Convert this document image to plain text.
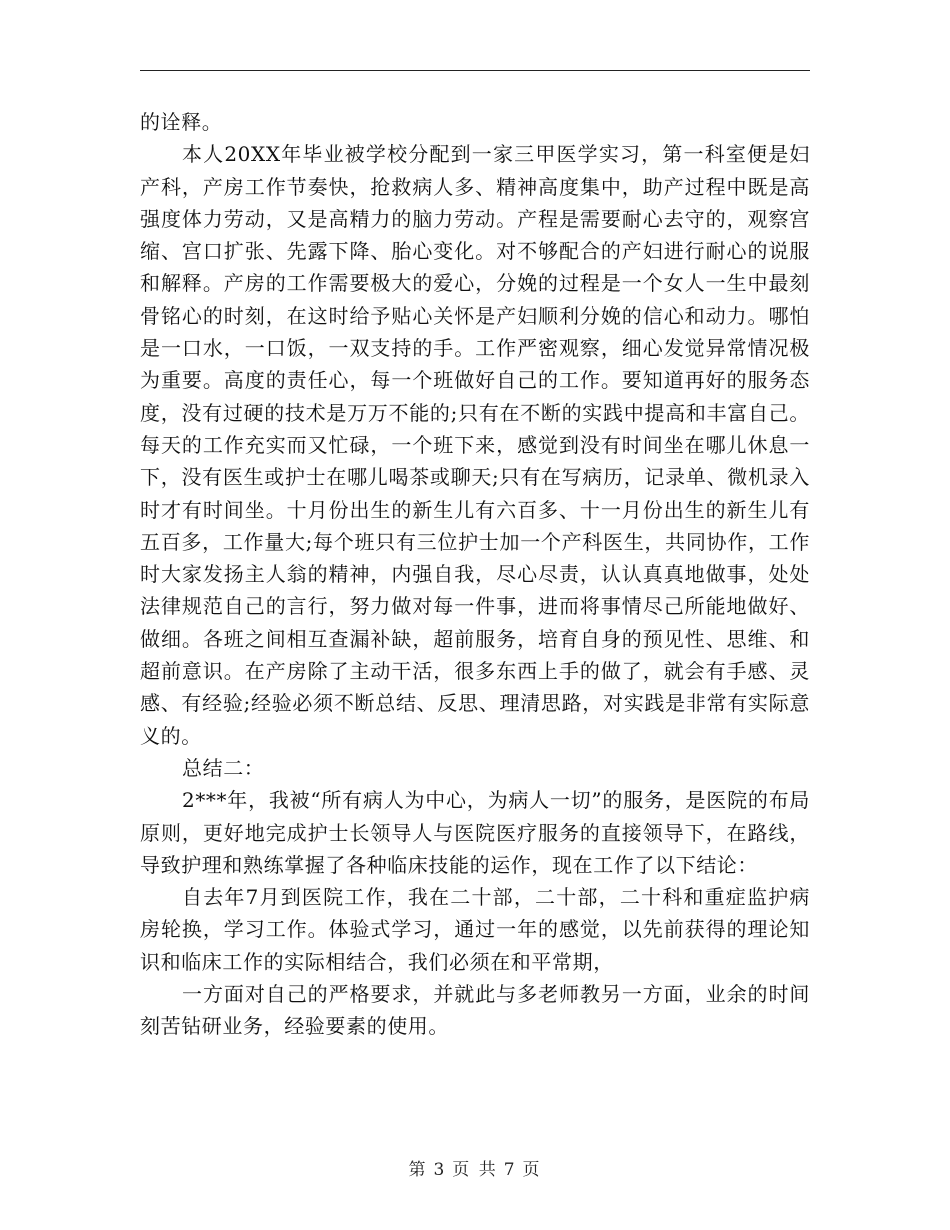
的诠释。

本人20XX年毕业被学校分配到一家三甲医学实习，第一科室便是妇产科，产房工作节奏快，抢救病人多、精神高度集中，助产过程中既是高强度体力劳动，又是高精力的脑力劳动。产程是需要耐心去守的，观察宫缩、宫口扩张、先露下降、胎心变化。对不够配合的产妇进行耐心的说服和解释。产房的工作需要极大的爱心，分娩的过程是一个女人一生中最刻骨铭心的时刻，在这时给予贴心关怀是产妇顺利分娩的信心和动力。哪怕是一口水，一口饭，一双支持的手。工作严密观察，细心发觉异常情况极为重要。高度的责任心，每一个班做好自己的工作。要知道再好的服务态度，没有过硬的技术是万万不能的;只有在不断的实践中提高和丰富自己。每天的工作充实而又忙碌，一个班下来，感觉到没有时间坐在哪儿休息一下，没有医生或护士在哪儿喝茶或聊天;只有在写病历，记录单、微机录入时才有时间坐。十月份出生的新生儿有六百多、十一月份出生的新生儿有五百多，工作量大;每个班只有三位护士加一个产科医生，共同协作，工作时大家发扬主人翁的精神，内强自我，尽心尽责，认认真真地做事，处处法律规范自己的言行，努力做对每一件事，进而将事情尽己所能地做好、做细。各班之间相互查漏补缺，超前服务，培育自身的预见性、思维、和超前意识。在产房除了主动干活，很多东西上手的做了，就会有手感、灵感、有经验;经验必须不断总结、反思、理清思路，对实践是非常有实际意义的。

总结二：

2***年，我被“所有病人为中心，为病人一切”的服务，是医院的布局原则，更好地完成护士长领导人与医院医疗服务的直接领导下，在路线，导致护理和熟练掌握了各种临床技能的运作，现在工作了以下结论：

自去年7月到医院工作，我在二十部，二十部，二十科和重症监护病房轮换，学习工作。体验式学习，通过一年的感觉，以先前获得的理论知识和临床工作的实际相结合，我们必须在和平常期，

一方面对自己的严格要求，并就此与多老师教另一方面，业余的时间刻苦钻研业务，经验要素的使用。

第 3 页 共 7 页
